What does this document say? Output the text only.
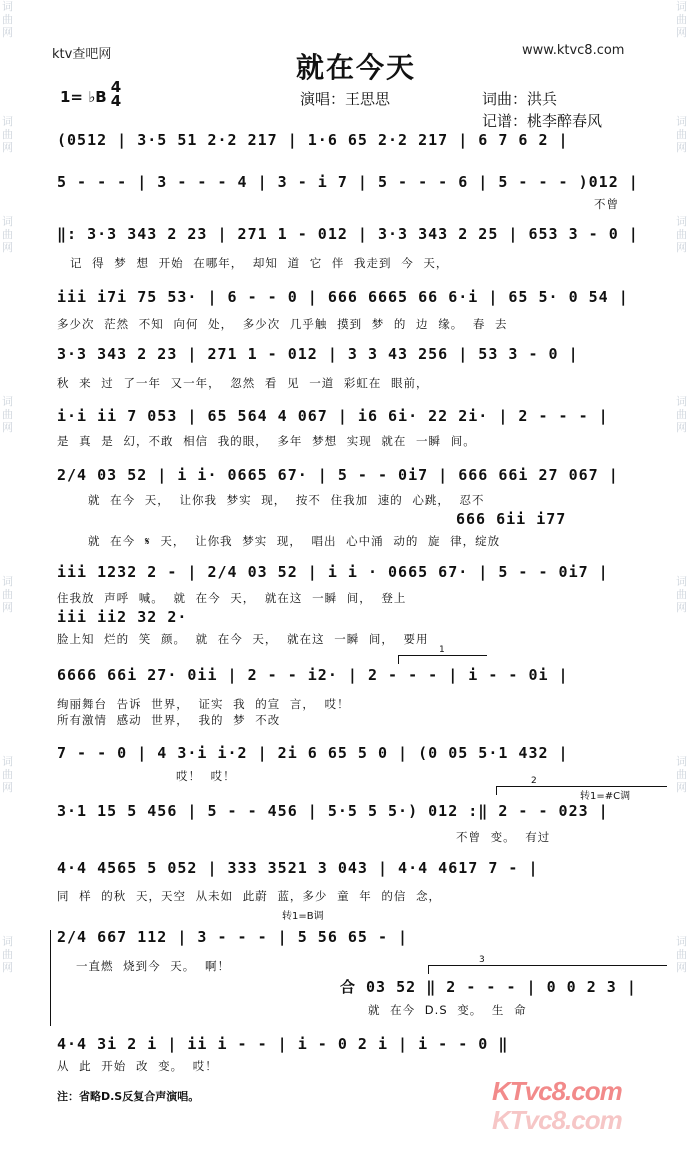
词曲网
词曲网
词曲网
词曲网
词曲网
词曲网
词曲网
词曲网
词曲网
词曲网
词曲网
词曲网
词曲网
词曲网
ktv查吧网	www.ktvc8.com
就在今天
1= ♭B
4
4	演唱：王思思	词曲：洪兵
记谱：桃李醉春风
(0512 | 3·5 51 2·2 217 | 1·6 65 2·2 217 | 6 7 6 2 |
5 - - - | 3 - - - 4 | 3 - i 7 | 5 - - - 6 | 5 - - - )012 |
不曾
‖: 3·3 343 2 23 | 271 1 - 012 | 3·3 343 2 25 | 653 3 - 0 |
记 得 梦 想 开始 在哪年， 却知 道 它 伴 我走到 今 天，
iii i7i 75 53· | 6 - - 0 | 666 6665 66 6·i | 65 5· 0 54 |
多少次 茫然 不知 向何 处， 多少次 几乎触 摸到 梦 的 边 缘。 春 去
3·3 343 2 23 | 271 1 - 012 | 3 3 43 256 | 53 3 - 0 |
秋 来 过 了一年 又一年， 忽然 看 见 一道 彩虹在 眼前，
i·i ii 7 053 | 65 564 4 067 | i6 6i· 22 2i· | 2 - - - |
是 真 是 幻，不敢 相信 我的眼， 多年 梦想 实现 就在 一瞬 间。
2/4 03 52 | i i· 0665 67· | 5 - - 0i7 | 666 66i 27 067 |
就 在今 天， 让你我 梦实 现， 按不 住我加 速的 心跳， 忍不
666 6ii i77
就 在今 𝄋 天， 让你我 梦实 现， 唱出 心中涌 动的 旋 律，绽放
iii 1232 2 - | 2/4 03 52 | i i · 0665 67· | 5 - - 0i7 |
住我放 声呼 喊。 就 在今 天， 就在这 一瞬 间， 登上
iii ii2 32 2·
脸上知 烂的 笑 颜。 就 在今 天， 就在这 一瞬 间， 要用
1
6666 66i 27· 0ii | 2 - - i2· | 2 - - - | i - - 0i |
绚丽舞台 告诉 世界， 证实 我 的宣 言， 哎！
所有激情 感动 世界， 我的 梦 不改
7 - - 0 | 4 3·i i·2 | 2i 6 65 5 0 | (0 05 5·1 432 |
哎！ 哎！	2
转1=#C调
3·1 15 5 456 | 5 - - 456 | 5·5 5 5·) 012 :‖ 2 - - 023 |
不曾 变。 有过
4·4 4565 5 052 | 333 3521 3 043 | 4·4 4617 7 - |
同 样 的秋 天，天空 从未如 此蔚 蓝，多少 童 年 的信 念，
转1=B调
2/4 667 112 | 3 - - - | 5 56 65 - |
一直燃 烧到今 天。 啊！	3
合 03 52 ‖ 2 - - - | 0 0 2 3 |
就 在今 D.S 变。 生 命
4·4 3i 2 i | ii i - - | i - 0 2 i | i - - 0 ‖
从 此 开始 改 变。 哎！
注：省略D.S反复合声演唱。	KTvc8.com
KTvc8.com
